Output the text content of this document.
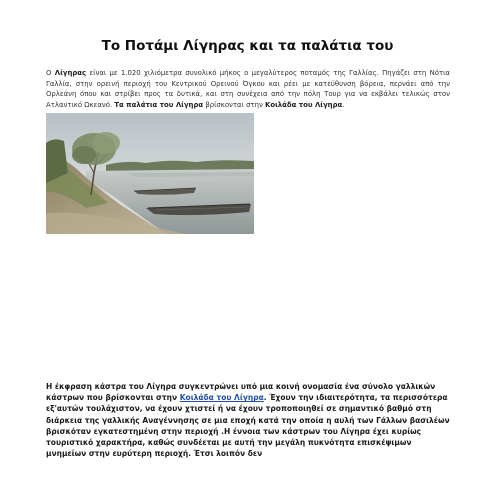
Το Ποτάμι Λίγηρας και τα παλάτια του

Ο Λίγηρας είναι με 1.020 χιλιόμετρα συνολικό μήκος ο μεγαλύτερος ποταμός της Γαλλίας. Πηγάζει στη Νότια Γαλλία, στην ορεινή περιοχή του Κεντρικού Ορεινού Όγκου και ρέει με κατεύθυνση βόρεια, περνάει από την Ορλεάνη όπου και στρίβει προς τα δυτικά, και στη συνέχεια από την πόλη Τουρ για να εκβάλει τελικώς στον Ατλαντικό Ωκεανό. Τα παλάτια του Λίγηρα βρίσκονται στην Κοιλάδα του Λίγηρα.

Η έκφραση κάστρα του Λίγηρα συγκεντρώνει υπό μια κοινή ονομασία ένα σύνολο γαλλικών κάστρων που βρίσκονται στην Κοιλάδα του Λίγηρα. Έχουν την ιδιαιτερότητα, τα περισσότερα εξ'αυτών τουλάχιστον, να έχουν χτιστεί ή να έχουν τροποποιηθεί σε σημαντικό βαθμό στη διάρκεια της γαλλικής Αναγέννησης σε μια εποχή κατά την οποία η αυλή των Γάλλων βασιλέων βρισκόταν εγκατεστημένη στην περιοχή .Η έννοια των κάστρων του Λίγηρα έχει κυρίως τουριστικό χαρακτήρα, καθώς συνδέεται με αυτή την μεγάλη πυκνότητα επισκέψιμων μνημείων στην ευρύτερη περιοχή. Έτσι λοιπόν δεν
